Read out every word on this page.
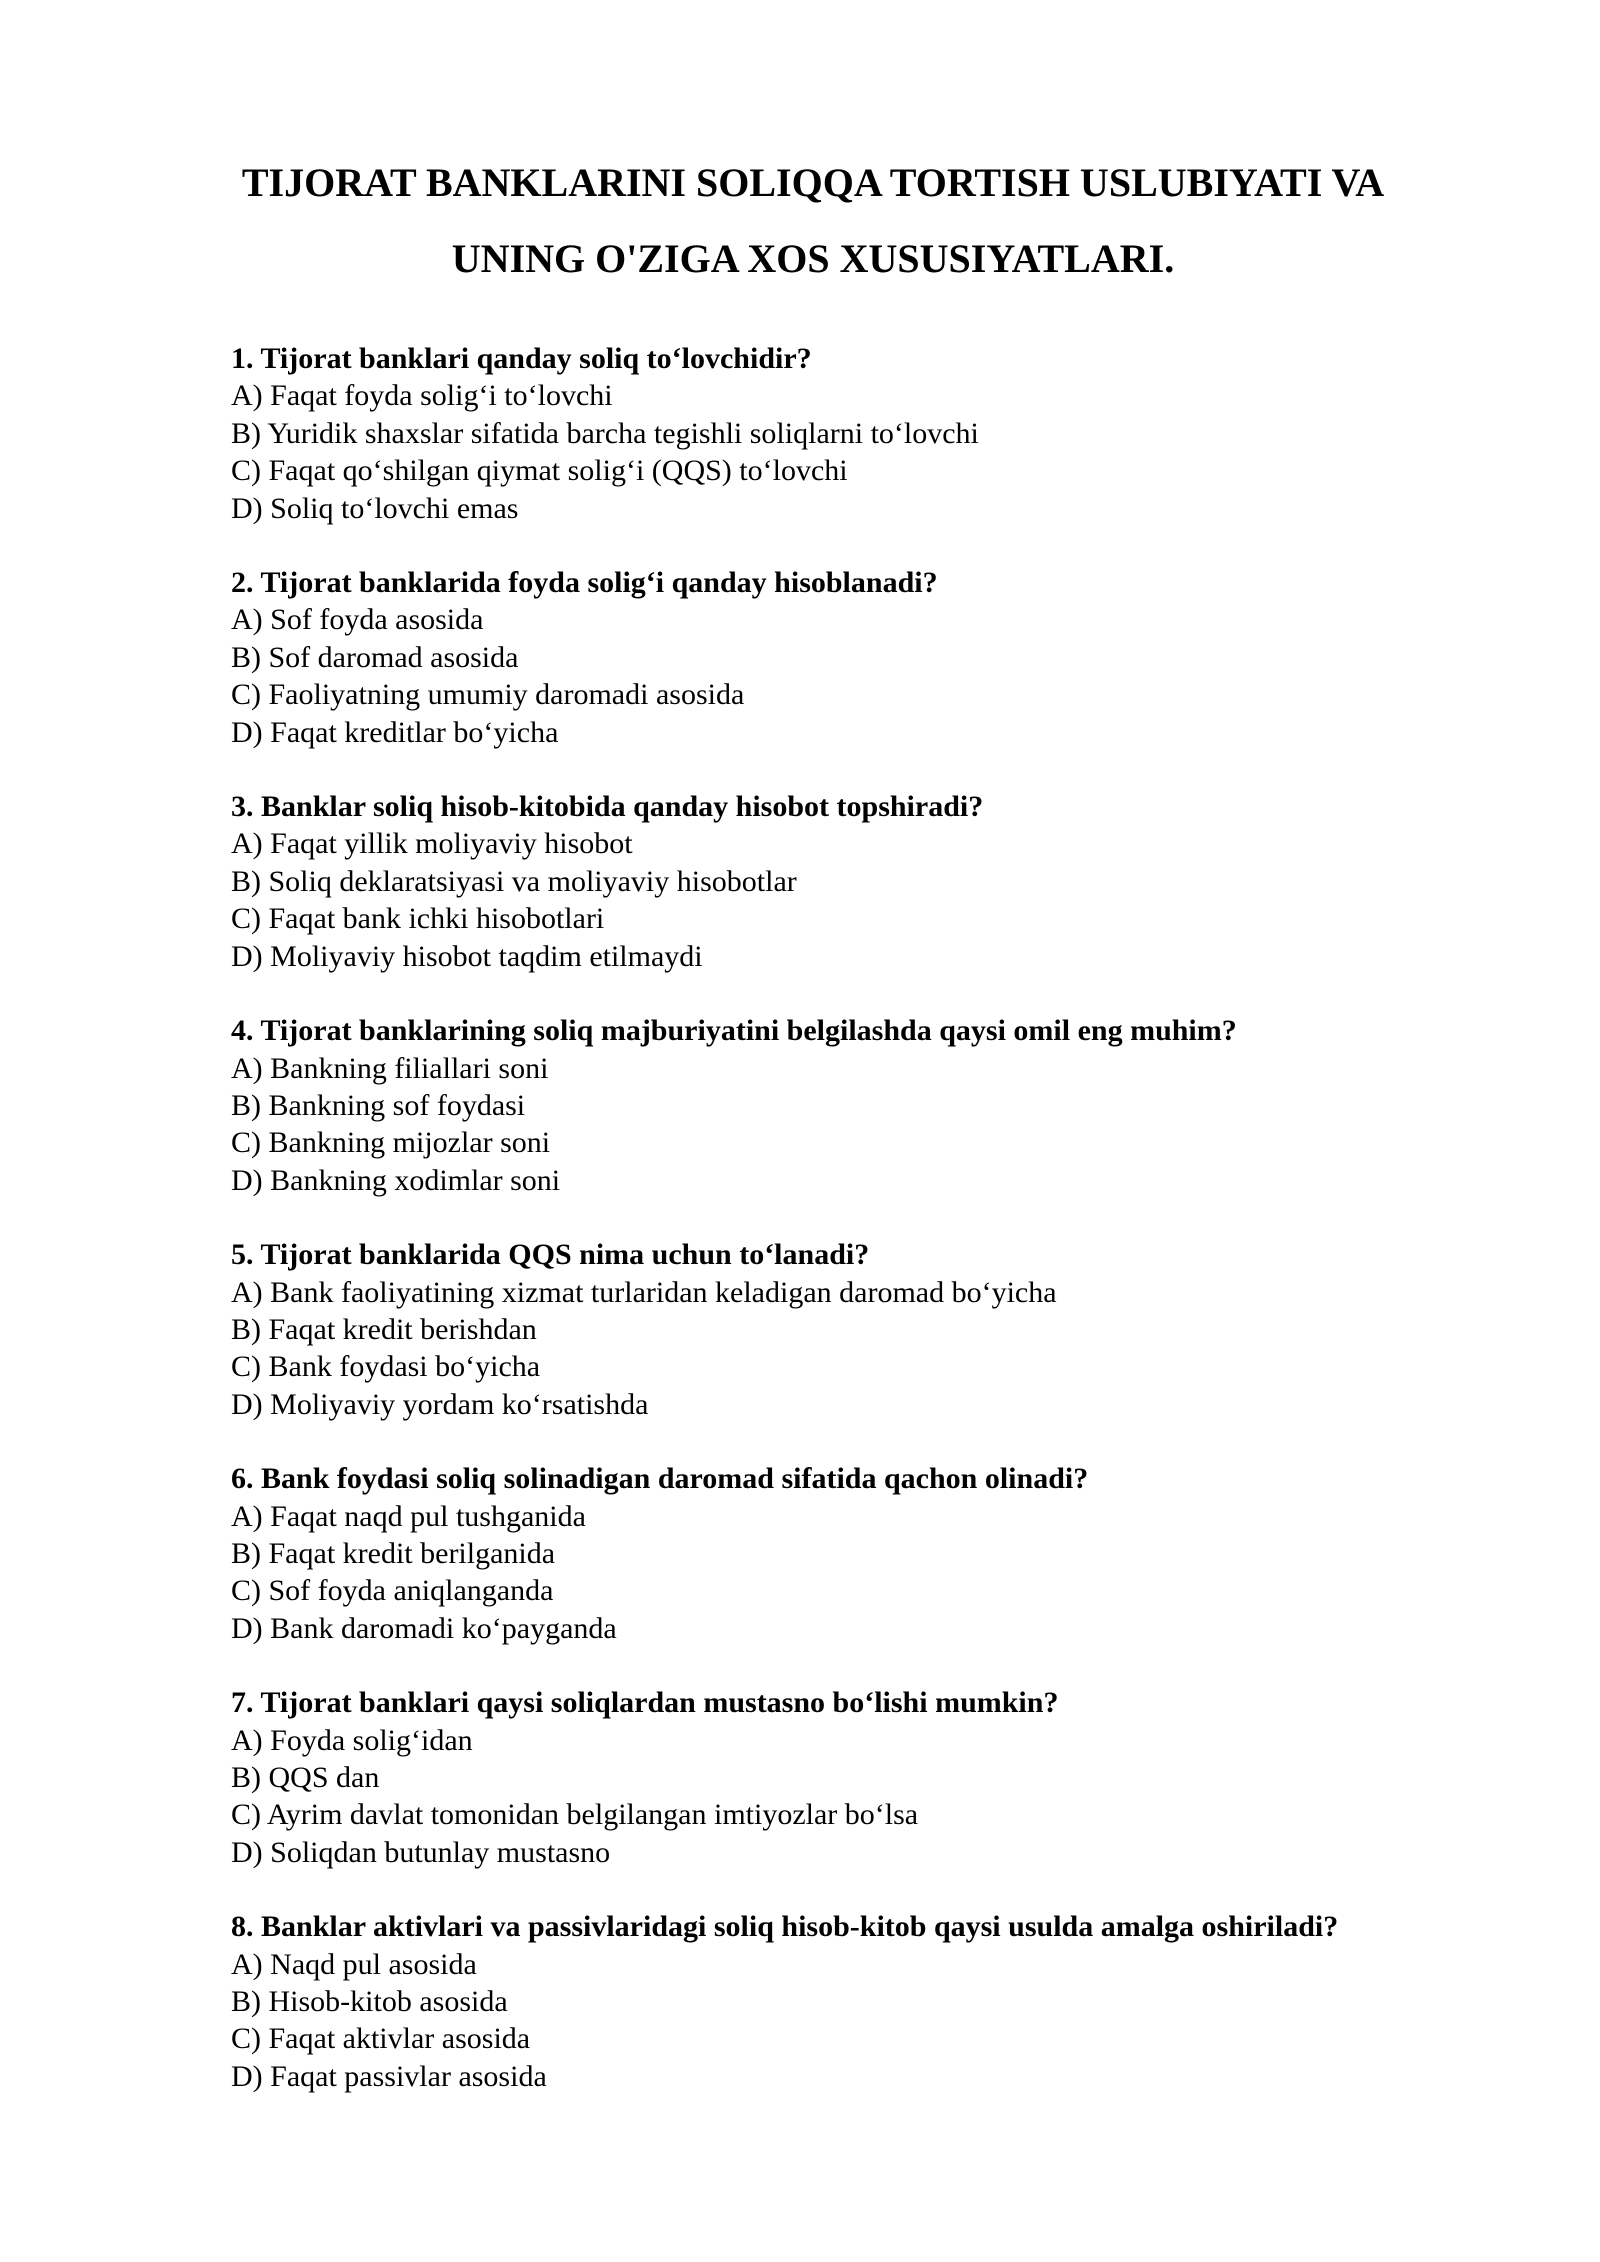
TIJORAT BANKLARINI SOLIQQA TORTISH USLUBIYATI VA
UNING O'ZIGA XOS XUSUSIYATLARI.

1. Tijorat banklari qanday soliq to‘lovchidir?

A) Faqat foyda solig‘i to‘lovchi
B) Yuridik shaxslar sifatida barcha tegishli soliqlarni to‘lovchi
C) Faqat qo‘shilgan qiymat solig‘i (QQS) to‘lovchi
D) Soliq to‘lovchi emas

2. Tijorat banklarida foyda solig‘i qanday hisoblanadi?

A) Sof foyda asosida
B) Sof daromad asosida
C) Faoliyatning umumiy daromadi asosida
D) Faqat kreditlar bo‘yicha

3. Banklar soliq hisob-kitobida qanday hisobot topshiradi?

A) Faqat yillik moliyaviy hisobot
B) Soliq deklaratsiyasi va moliyaviy hisobotlar
C) Faqat bank ichki hisobotlari
D) Moliyaviy hisobot taqdim etilmaydi

4. Tijorat banklarining soliq majburiyatini belgilashda qaysi omil eng muhim?

A) Bankning filiallari soni
B) Bankning sof foydasi
C) Bankning mijozlar soni
D) Bankning xodimlar soni

5. Tijorat banklarida QQS nima uchun to‘lanadi?

A) Bank faoliyatining xizmat turlaridan keladigan daromad bo‘yicha
B) Faqat kredit berishdan
C) Bank foydasi bo‘yicha
D) Moliyaviy yordam ko‘rsatishda

6. Bank foydasi soliq solinadigan daromad sifatida qachon olinadi?

A) Faqat naqd pul tushganida
B) Faqat kredit berilganida
C) Sof foyda aniqlanganda
D) Bank daromadi ko‘payganda

7. Tijorat banklari qaysi soliqlardan mustasno bo‘lishi mumkin?

A) Foyda solig‘idan
B) QQS dan
C) Ayrim davlat tomonidan belgilangan imtiyozlar bo‘lsa
D) Soliqdan butunlay mustasno

8. Banklar aktivlari va passivlaridagi soliq hisob-kitob qaysi usulda amalga oshiriladi?

A) Naqd pul asosida
B) Hisob-kitob asosida
C) Faqat aktivlar asosida
D) Faqat passivlar asosida
